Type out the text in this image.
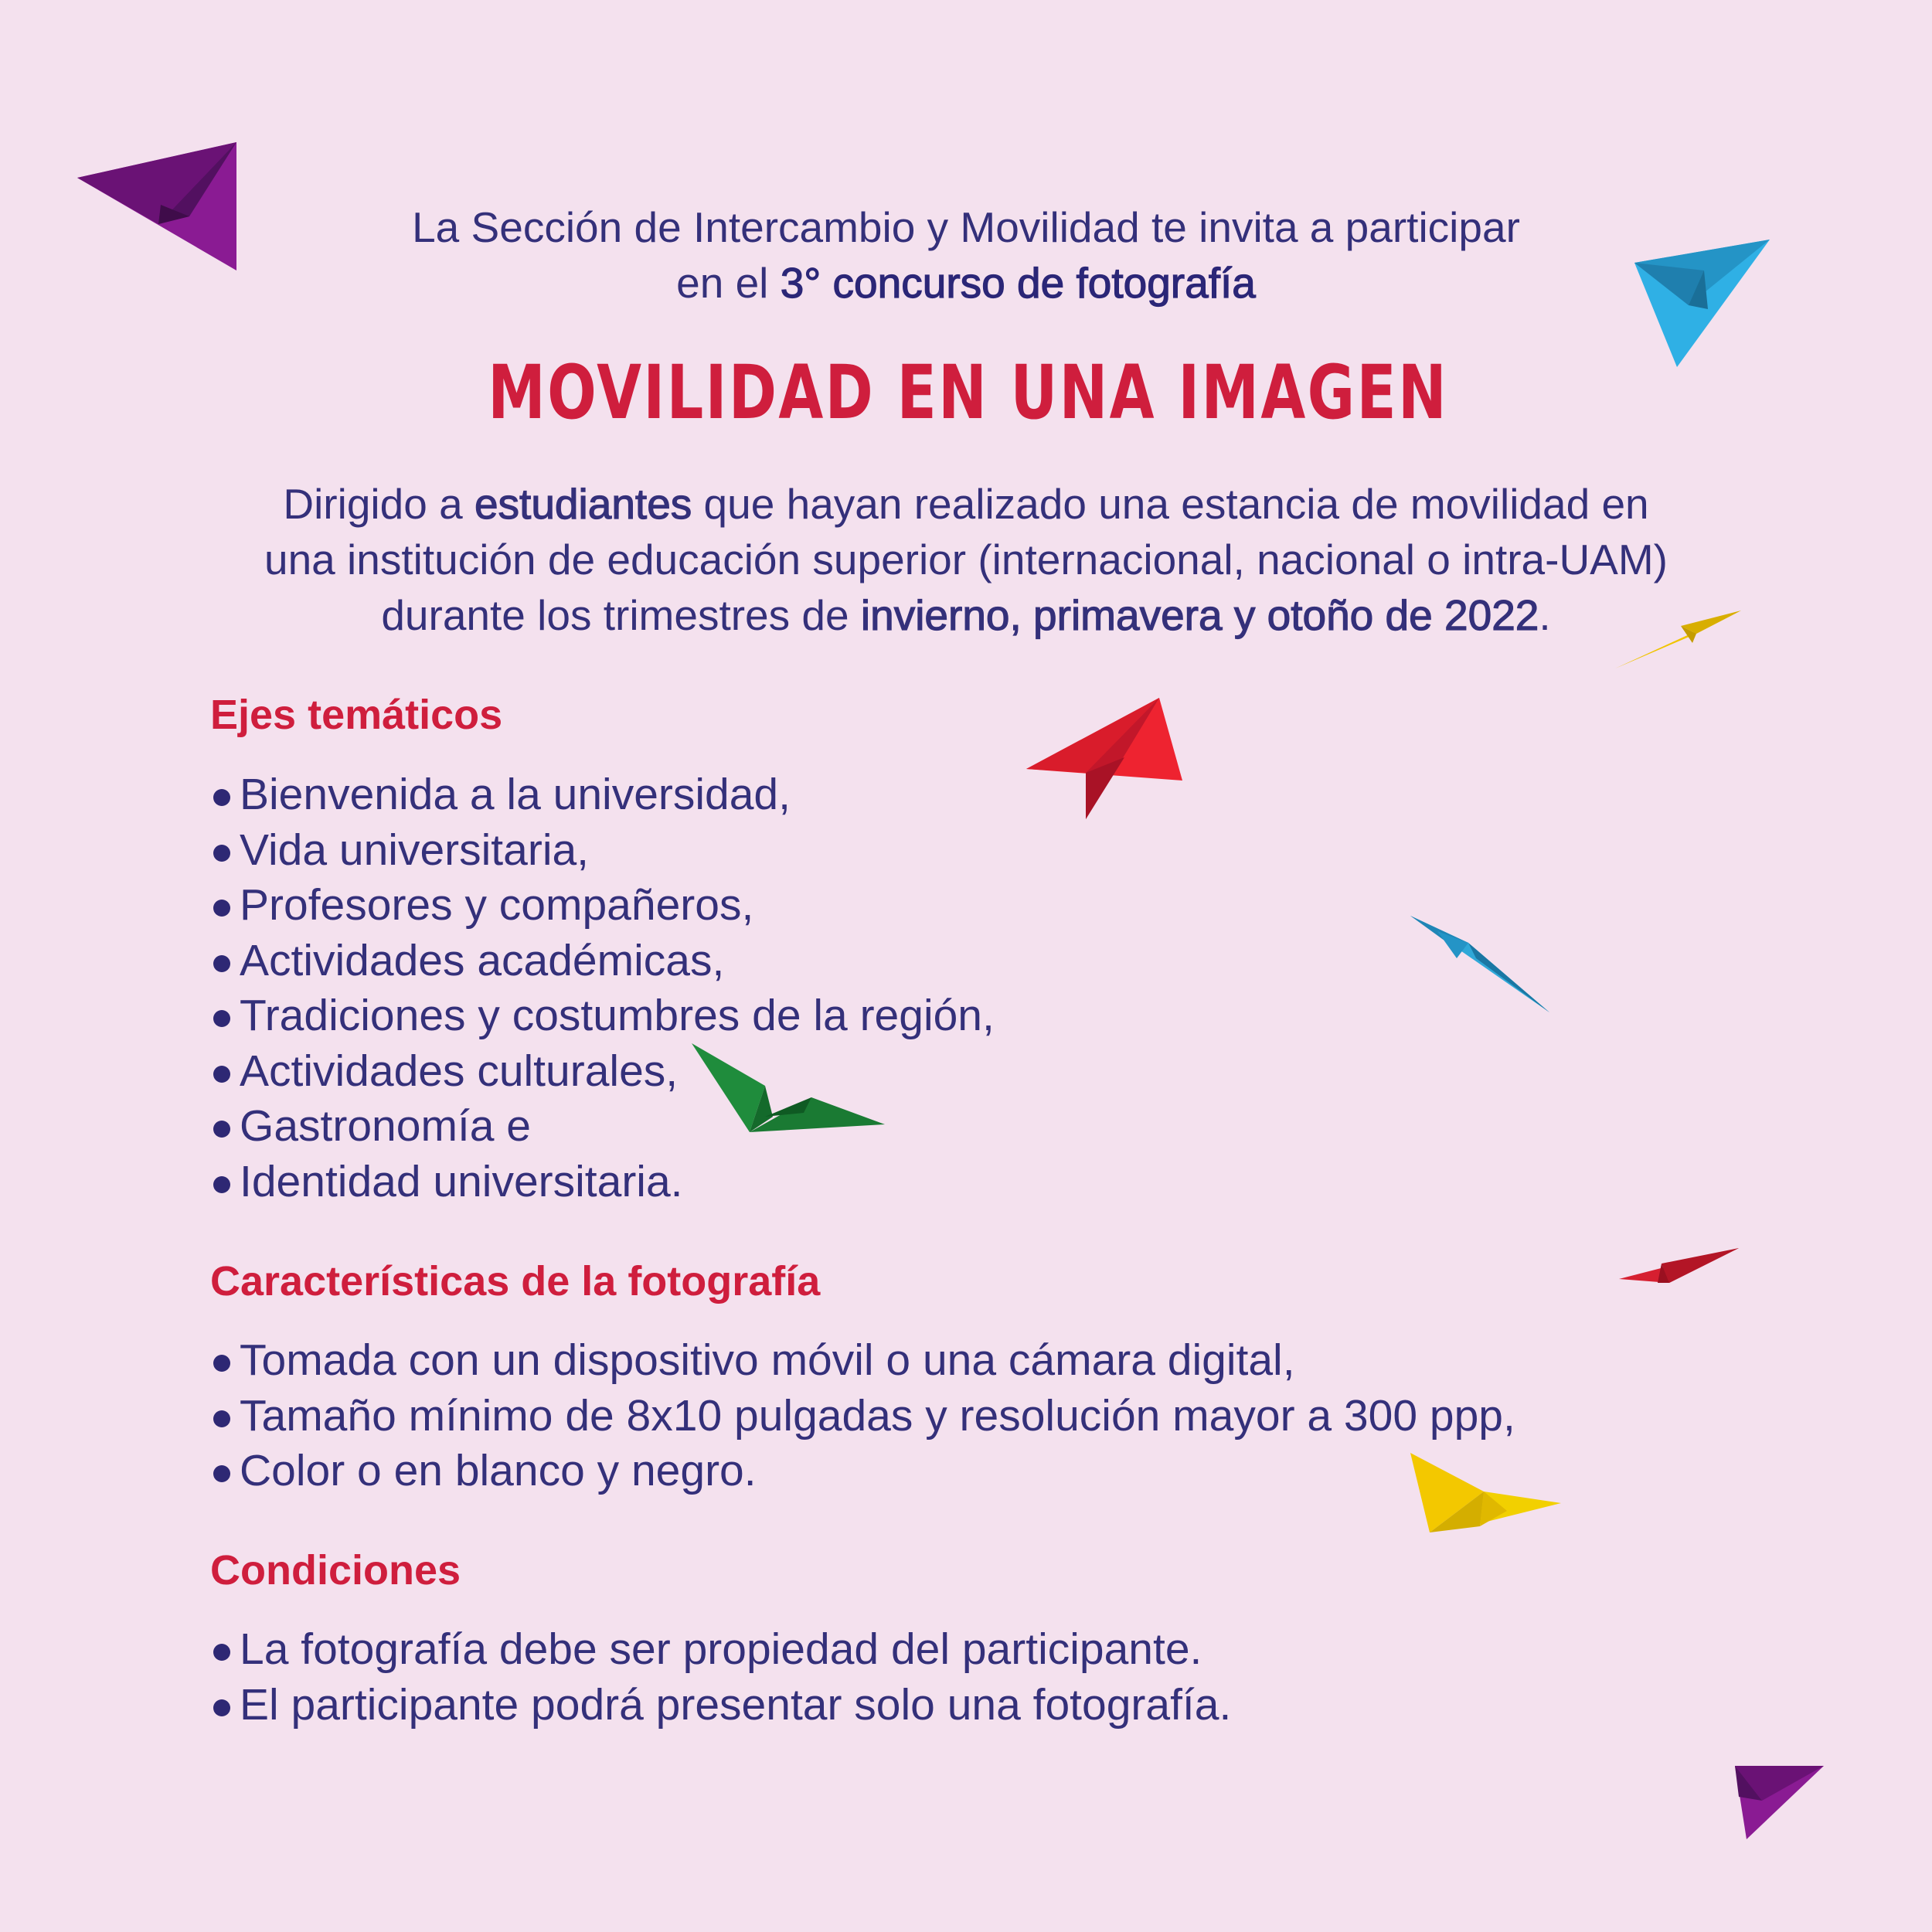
La Sección de Intercambio y Movilidad te invita a participar
en el 3° concurso de fotografía
MOVILIDAD EN UNA IMAGEN
Dirigido a estudiantes que hayan realizado una estancia de movilidad en
una institución de educación superior (internacional, nacional o intra-UAM)
durante los trimestres de invierno, primavera y otoño de 2022.
Ejes temáticos
Bienvenida a la universidad,
Vida universitaria,
Profesores y compañeros,
Actividades académicas,
Tradiciones y costumbres de la región,
Actividades culturales,
Gastronomía e
Identidad universitaria.
Características de la fotografía
Tomada con un dispositivo móvil o una cámara digital,
Tamaño mínimo de 8x10 pulgadas y resolución mayor a 300 ppp,
Color o en blanco y negro.
Condiciones
La fotografía debe ser propiedad del participante.
El participante podrá presentar solo una fotografía.
